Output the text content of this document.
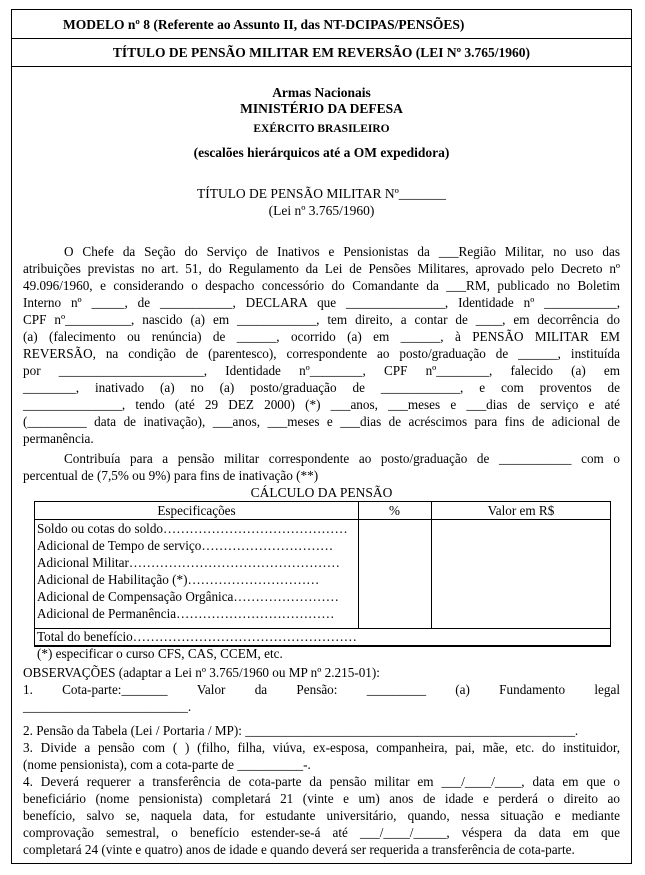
MODELO nº 8 (Referente ao Assunto II, das NT-DCIPAS/PENSÕES)
TÍTULO DE PENSÃO MILITAR EM REVERSÃO (LEI Nº 3.765/1960)
Armas Nacionais
MINISTÉRIO DA DEFESA
EXÉRCITO BRASILEIRO
(escalões hierárquicos até a OM expedidora)
TÍTULO DE PENSÃO MILITAR Nº_______
(Lei nº 3.765/1960)
O Chefe da Seção do Serviço de Inativos e Pensionistas da ___Região Militar, no uso das
atribuições previstas no art. 51, do Regulamento da Lei de Pensões Militares, aprovado pelo Decreto nº
49.096/1960, e considerando o despacho concessório do Comandante da ___RM, publicado no Boletim
Interno nº _____, de ___________, DECLARA que _______________, Identidade nº ___________,
CPF nº__________, nascido (a) em ____________, tem direito, a contar de ____, em decorrência do
(a) (falecimento ou renúncia) de ______, ocorrido (a) em ______, à PENSÃO MILITAR EM
REVERSÃO, na condição de (parentesco), correspondente ao posto/graduação de ______, instituída
por ______________________, Identidade nº________, CPF nº________, falecido (a) em
________, inativado (a) no (a) posto/graduação de ____________, e com proventos de
_______________, tendo (até 29 DEZ 2000) (*) ___anos, ___meses e ___dias de serviço e até
(_________ data de inativação), ___anos, ___meses e ___dias de acréscimos para fins de adicional de
permanência.
Contribuía para a pensão militar correspondente ao posto/graduação de ___________ com o
percentual de (7,5% ou 9%) para fins de inativação (**)
CÁLCULO DA PENSÃO
Especificações	%	Valor em R$
Soldo ou cotas do soldo……………………………………
Adicional de Tempo de serviço…………………………
Adicional Militar…………………………………………
Adicional de Habilitação (*)…………………………
Adicional de Compensação Orgânica……………………
Adicional de Permanência………………………………
Total do benefício……………………………………………
(*) especificar o curso CFS, CAS, CCEM, etc.
OBSERVAÇÕES (adaptar a Lei nº 3.765/1960 ou MP nº 2.215-01):
1. Cota-parte:_______ Valor da Pensão: _________ (a) Fundamento legal
_________________________.
2. Pensão da Tabela (Lei / Portaria / MP): __________________________________________________.
3. Divide a pensão com ( ) (filho, filha, viúva, ex-esposa, companheira, pai, mãe, etc. do instituidor,
(nome pensionista), com a cota-parte de __________-.
4. Deverá requerer a transferência de cota-parte da pensão militar em ___/____/____, data em que o
beneficiário (nome pensionista) completará 21 (vinte e um) anos de idade e perderá o direito ao
benefício, salvo se, naquela data, for estudante universitário, quando, nessa situação e mediante
comprovação semestral, o benefício estender-se-á até ___/____/_____, véspera da data em que
completará 24 (vinte e quatro) anos de idade e quando deverá ser requerida a transferência de cota-parte.
